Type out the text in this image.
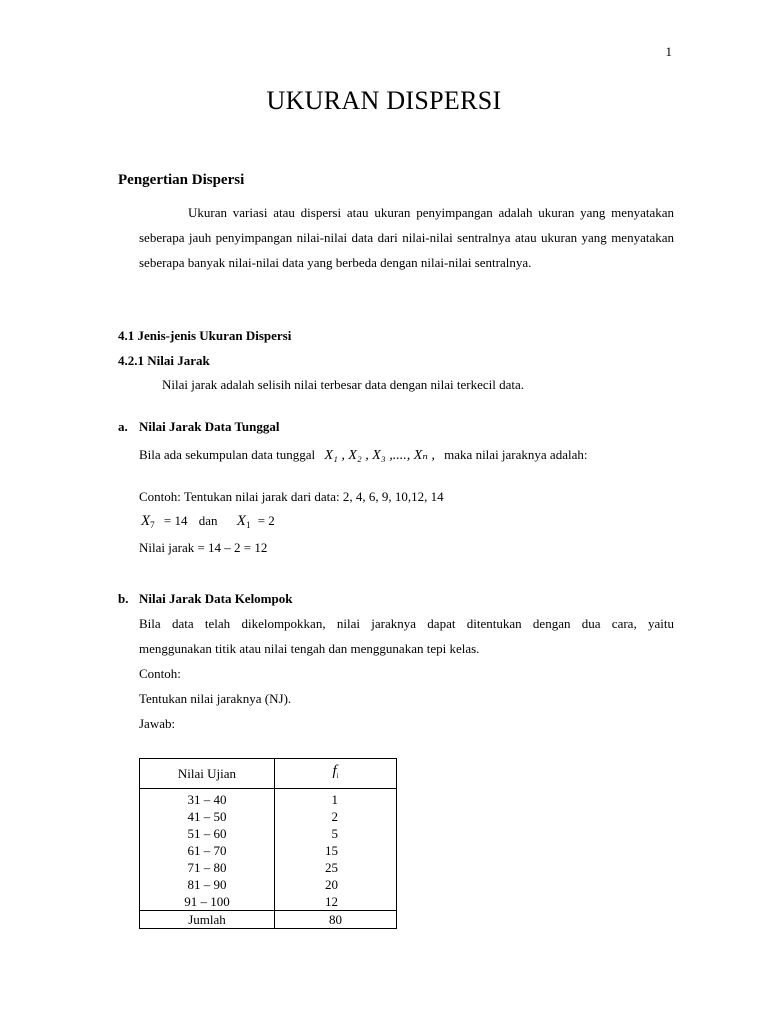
1
UKURAN DISPERSI
Pengertian Dispersi
Ukuran variasi atau dispersi atau ukuran penyimpangan adalah ukuran yang menyatakan seberapa jauh penyimpangan nilai-nilai data dari nilai-nilai sentralnya atau ukuran yang menyatakan seberapa banyak nilai-nilai data yang berbeda dengan nilai-nilai sentralnya.
4.1 Jenis-jenis Ukuran Dispersi
4.2.1 Nilai Jarak
Nilai jarak adalah selisih nilai terbesar data dengan nilai terkecil data.
a. Nilai Jarak Data Tunggal
Bila ada sekumpulan data tunggal X₁ , X₂ , X₃ ,...., Xₙ , maka nilai jaraknya adalah:
Contoh: Tentukan nilai jarak dari data: 2, 4, 6, 9, 10,12, 14
$X_7 = 14$ dan $X_1 = 2$
Nilai jarak = 14 – 2 = 12
b. Nilai Jarak Data Kelompok
Bila data telah dikelompokkan, nilai jaraknya dapat ditentukan dengan dua cara, yaitu
menggunakan titik atau nilai tengah dan menggunakan tepi kelas.
Contoh:
Tentukan nilai jaraknya (NJ).
Jawab:
Nilai Ujian	$f_i$
31 – 40	1
41 – 50	2
51 – 60	5
61 – 70	15
71 – 80	25
81 – 90	20
91 – 100	12
Jumlah	80
